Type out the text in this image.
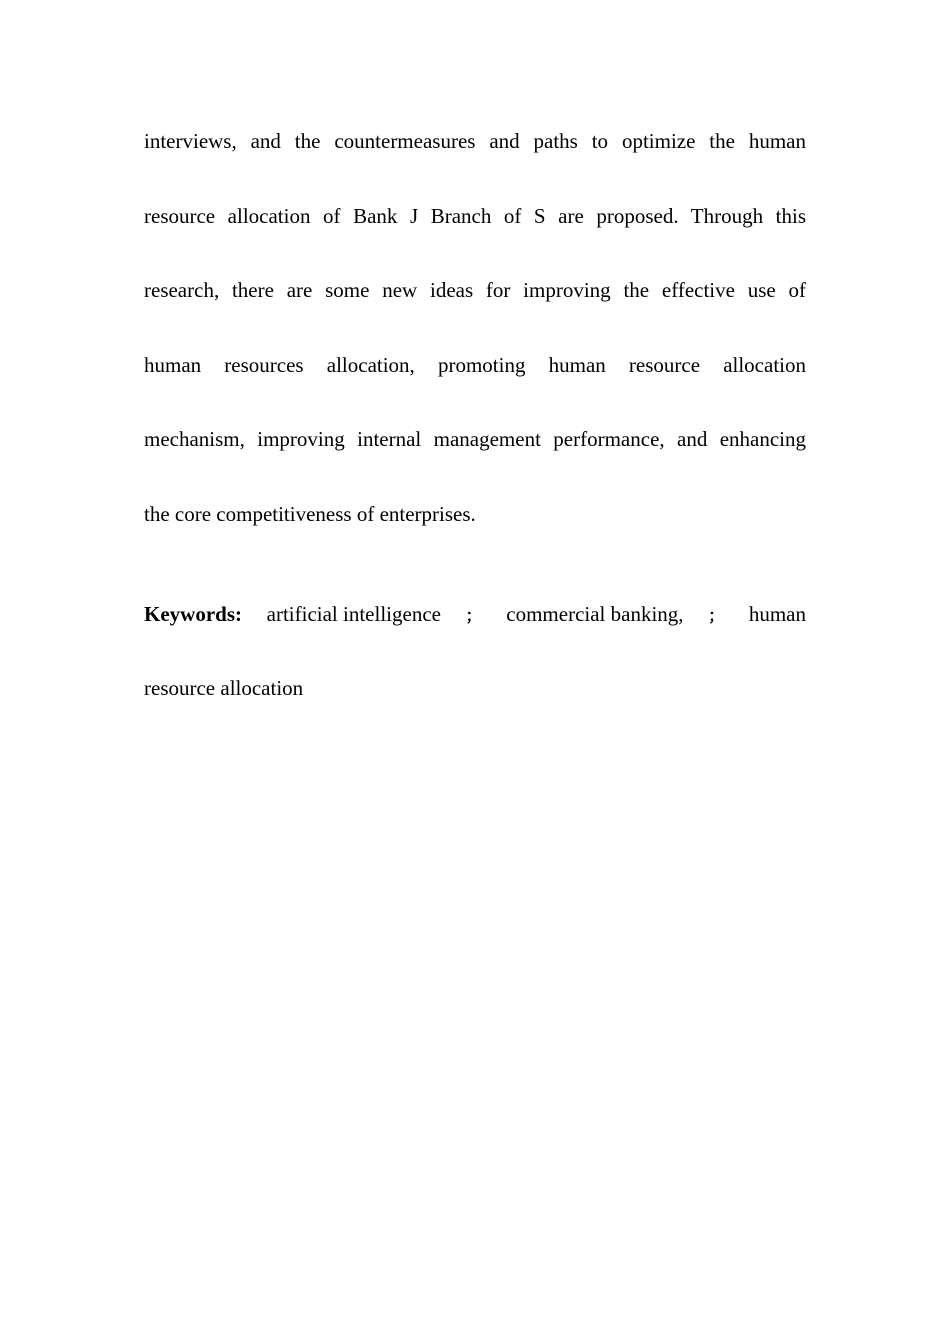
interviews, and the countermeasures and paths to optimize the human
resource allocation of Bank J Branch of S are proposed. Through this
research, there are some new ideas for improving the effective use of
human resources allocation, promoting human resource allocation
mechanism, improving internal management performance, and enhancing
the core competitiveness of enterprises.
Keywords: artificial intelligence ； commercial banking, ； human
resource allocation
